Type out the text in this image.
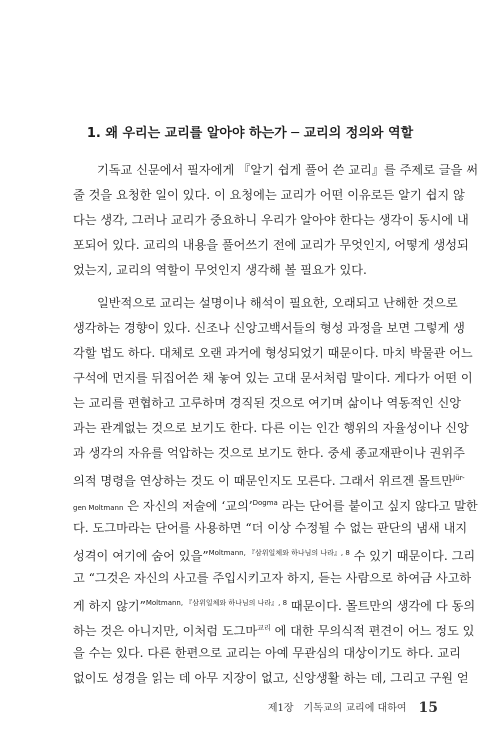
1. 왜 우리는 교리를 알아야 하는가 ─ 교리의 정의와 역할
기독교 신문에서 필자에게 『알기 쉽게 풀어 쓴 교리』를 주제로 글을 써
줄 것을 요청한 일이 있다. 이 요청에는 교리가 어떤 이유로든 알기 쉽지 않
다는 생각, 그러나 교리가 중요하니 우리가 알아야 한다는 생각이 동시에 내
포되어 있다. 교리의 내용을 풀어쓰기 전에 교리가 무엇인지, 어떻게 생성되
었는지, 교리의 역할이 무엇인지 생각해 볼 필요가 있다.
일반적으로 교리는 설명이나 해석이 필요한, 오래되고 난해한 것으로
생각하는 경향이 있다. 신조나 신앙고백서들의 형성 과정을 보면 그렇게 생
각할 법도 하다. 대체로 오랜 과거에 형성되었기 때문이다. 마치 박물관 어느
구석에 먼지를 뒤집어쓴 채 놓여 있는 고대 문서처럼 말이다. 게다가 어떤 이
는 교리를 편협하고 고루하며 경직된 것으로 여기며 삶이나 역동적인 신앙
과는 관계없는 것으로 보기도 한다. 다른 이는 인간 행위의 자율성이나 신앙
과 생각의 자유를 억압하는 것으로 보기도 한다. 중세 종교재판이나 권위주
의적 명령을 연상하는 것도 이 때문인지도 모른다. 그래서 위르겐 몰트만$^{Jür-}$
gen Moltmann 은 자신의 저술에 ‘교의’$^{Dogma}$ 라는 단어를 붙이고 싶지 않다고 말한
다. 도그마라는 단어를 사용하면 “더 이상 수정될 수 없는 판단의 냄새 내지
성격이 여기에 숨어 있을”$^{Moltmann, 『삼위일체와 하나님의 나라』, 8}$ 수 있기 때문이다. 그리
고 “그것은 자신의 사고를 주입시키고자 하지, 듣는 사람으로 하여금 사고하
게 하지 않기”$^{Moltmann, 『삼위일체와 하나님의 나라』, 8}$ 때문이다. 몰트만의 생각에 다 동의
하는 것은 아니지만, 이처럼 도그마$^{교리}$ 에 대한 무의식적 편견이 어느 정도 있
을 수는 있다. 다른 한편으로 교리는 아예 무관심의 대상이기도 하다. 교리
없이도 성경을 읽는 데 아무 지장이 없고, 신앙생활 하는 데, 그리고 구원 얻
제1장　기독교의 교리에 대하여 15
